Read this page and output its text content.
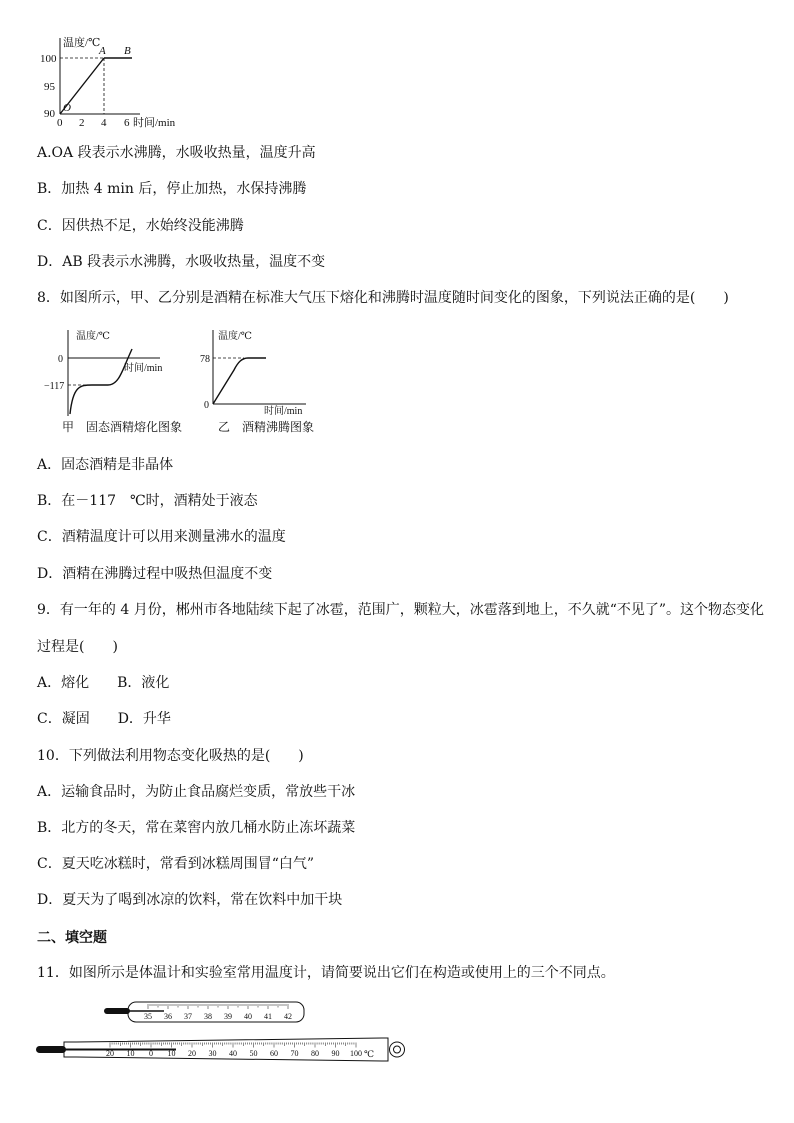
温度/℃
100
95
90
0 2 4 6 时间/min
O
A B
A.OA 段表示水沸腾，水吸收热量，温度升高
B．加热 4 min 后，停止加热，水保持沸腾
C．因供热不足，水始终没能沸腾
D．AB 段表示水沸腾，水吸收热量，温度不变
8．如图所示，甲、乙分别是酒精在标准大气压下熔化和沸腾时温度随时间变化的图象，下列说法正确的是(　　)
温度/℃
0
−117
时间/min
甲　固态酒精熔化图象
温度/℃
78
0
时间/min
乙　酒精沸腾图象
A．固态酒精是非晶体
B．在－117　℃时，酒精处于液态
C．酒精温度计可以用来测量沸水的温度
D．酒精在沸腾过程中吸热但温度不变
9．有一年的 4 月份，郴州市各地陆续下起了冰雹，范围广，颗粒大，冰雹落到地上，不久就“不见了”。这个物态变化
过程是(　　)
A．熔化　　B．液化
C．凝固　　D．升华
10．下列做法利用物态变化吸热的是(　　)
A．运输食品时，为防止食品腐烂变质，常放些干冰
B．北方的冬天，常在菜窖内放几桶水防止冻坏蔬菜
C．夏天吃冰糕时，常看到冰糕周围冒“白气”
D．夏天为了喝到冰凉的饮料，常在饮料中加干块
二、填空题
11．如图所示是体温计和实验室常用温度计，请简要说出它们在构造或使用上的三个不同点。
35 36 37 38 39 40 41 42
20 10 0 10 20 30 40 50 60 70 80 90 100 ℃
